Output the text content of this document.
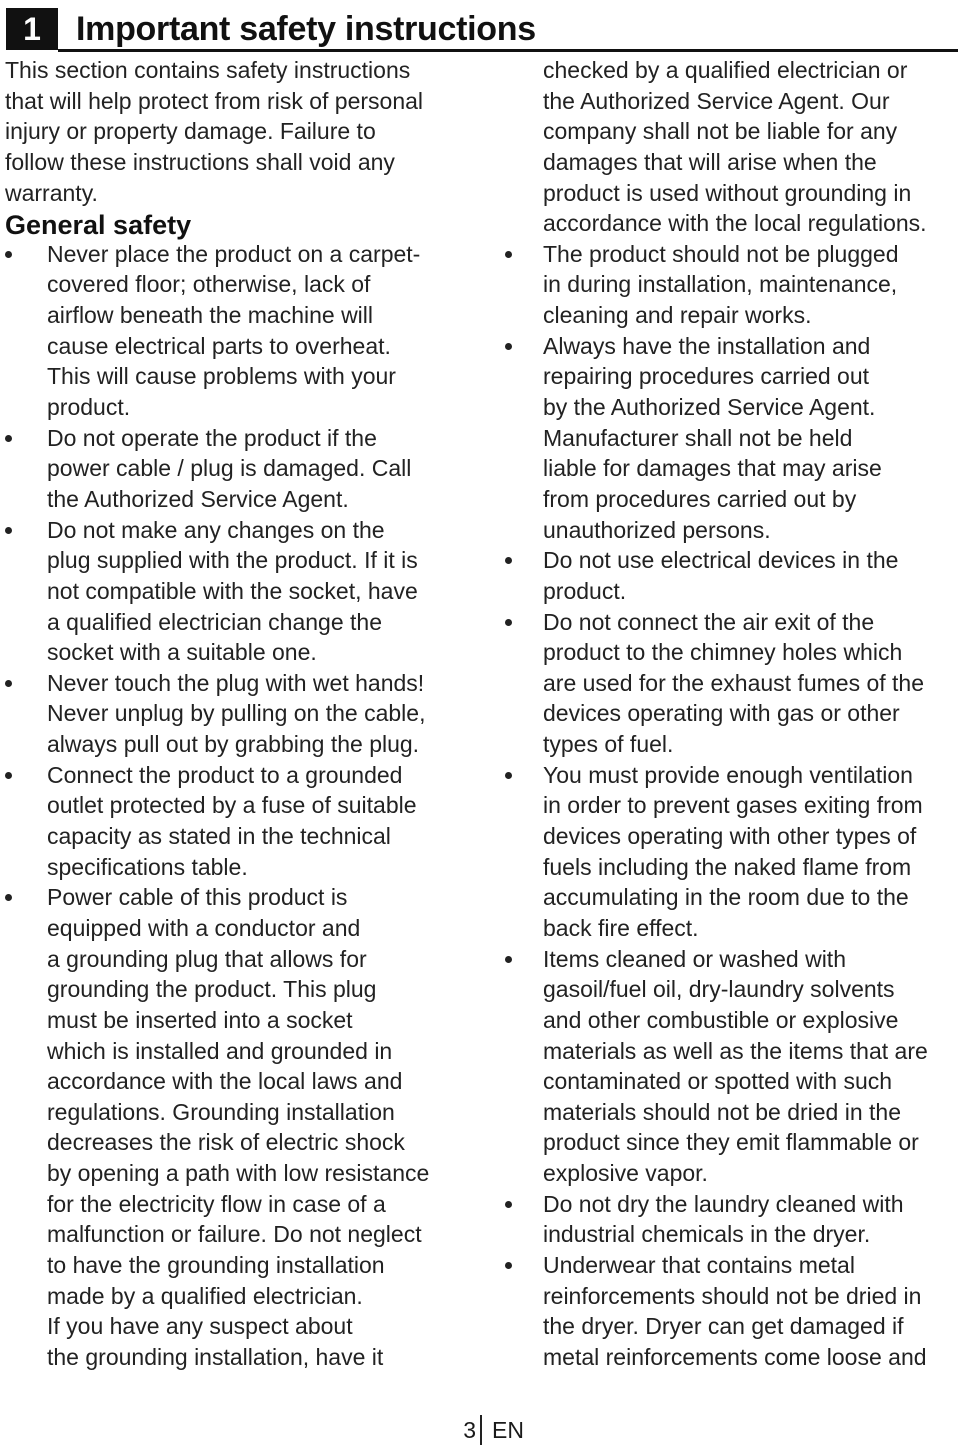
1	Important safety instructions
This section contains safety instructions
that will help protect from risk of personal
injury or property damage. Failure to
follow these instructions shall void any
warranty.
General safety
Never place the product on a carpet-
covered floor; otherwise, lack of
airflow beneath the machine will
cause electrical parts to overheat.
This will cause problems with your
product.
Do not operate the product if the
power cable / plug is damaged. Call
the Authorized Service Agent.
Do not make any changes on the
plug supplied with the product. If it is
not compatible with the socket, have
a qualified electrician change the
socket with a suitable one.
Never touch the plug with wet hands!
Never unplug by pulling on the cable,
always pull out by grabbing the plug.
Connect the product to a grounded
outlet protected by a fuse of suitable
capacity as stated in the technical
specifications table.
Power cable of this product is
equipped with a conductor and
a grounding plug that allows for
grounding the product. This plug
must be inserted into a socket
which is installed and grounded in
accordance with the local laws and
regulations. Grounding installation
decreases the risk of electric shock
by opening a path with low resistance
for the electricity flow in case of a
malfunction or failure. Do not neglect
to have the grounding installation
made by a qualified electrician.
If you have any suspect about
the grounding installation, have it
checked by a qualified electrician or
the Authorized Service Agent. Our
company shall not be liable for any
damages that will arise when the
product is used without grounding in
accordance with the local regulations.
The product should not be plugged
in during installation, maintenance,
cleaning and repair works.
Always have the installation and
repairing procedures carried out
by the Authorized Service Agent.
Manufacturer shall not be held
liable for damages that may arise
from procedures carried out by
unauthorized persons.
Do not use electrical devices in the
product.
Do not connect the air exit of the
product to the chimney holes which
are used for the exhaust fumes of the
devices operating with gas or other
types of fuel.
You must provide enough ventilation
in order to prevent gases exiting from
devices operating with other types of
fuels including the naked flame from
accumulating in the room due to the
back fire effect.
Items cleaned or washed with
gasoil/fuel oil, dry-laundry solvents
and other combustible or explosive
materials as well as the items that are
contaminated or spotted with such
materials should not be dried in the
product since they emit flammable or
explosive vapor.
Do not dry the laundry cleaned with
industrial chemicals in the dryer.
Underwear that contains metal
reinforcements should not be dried in
the dryer. Dryer can get damaged if
metal reinforcements come loose and
3 EN
